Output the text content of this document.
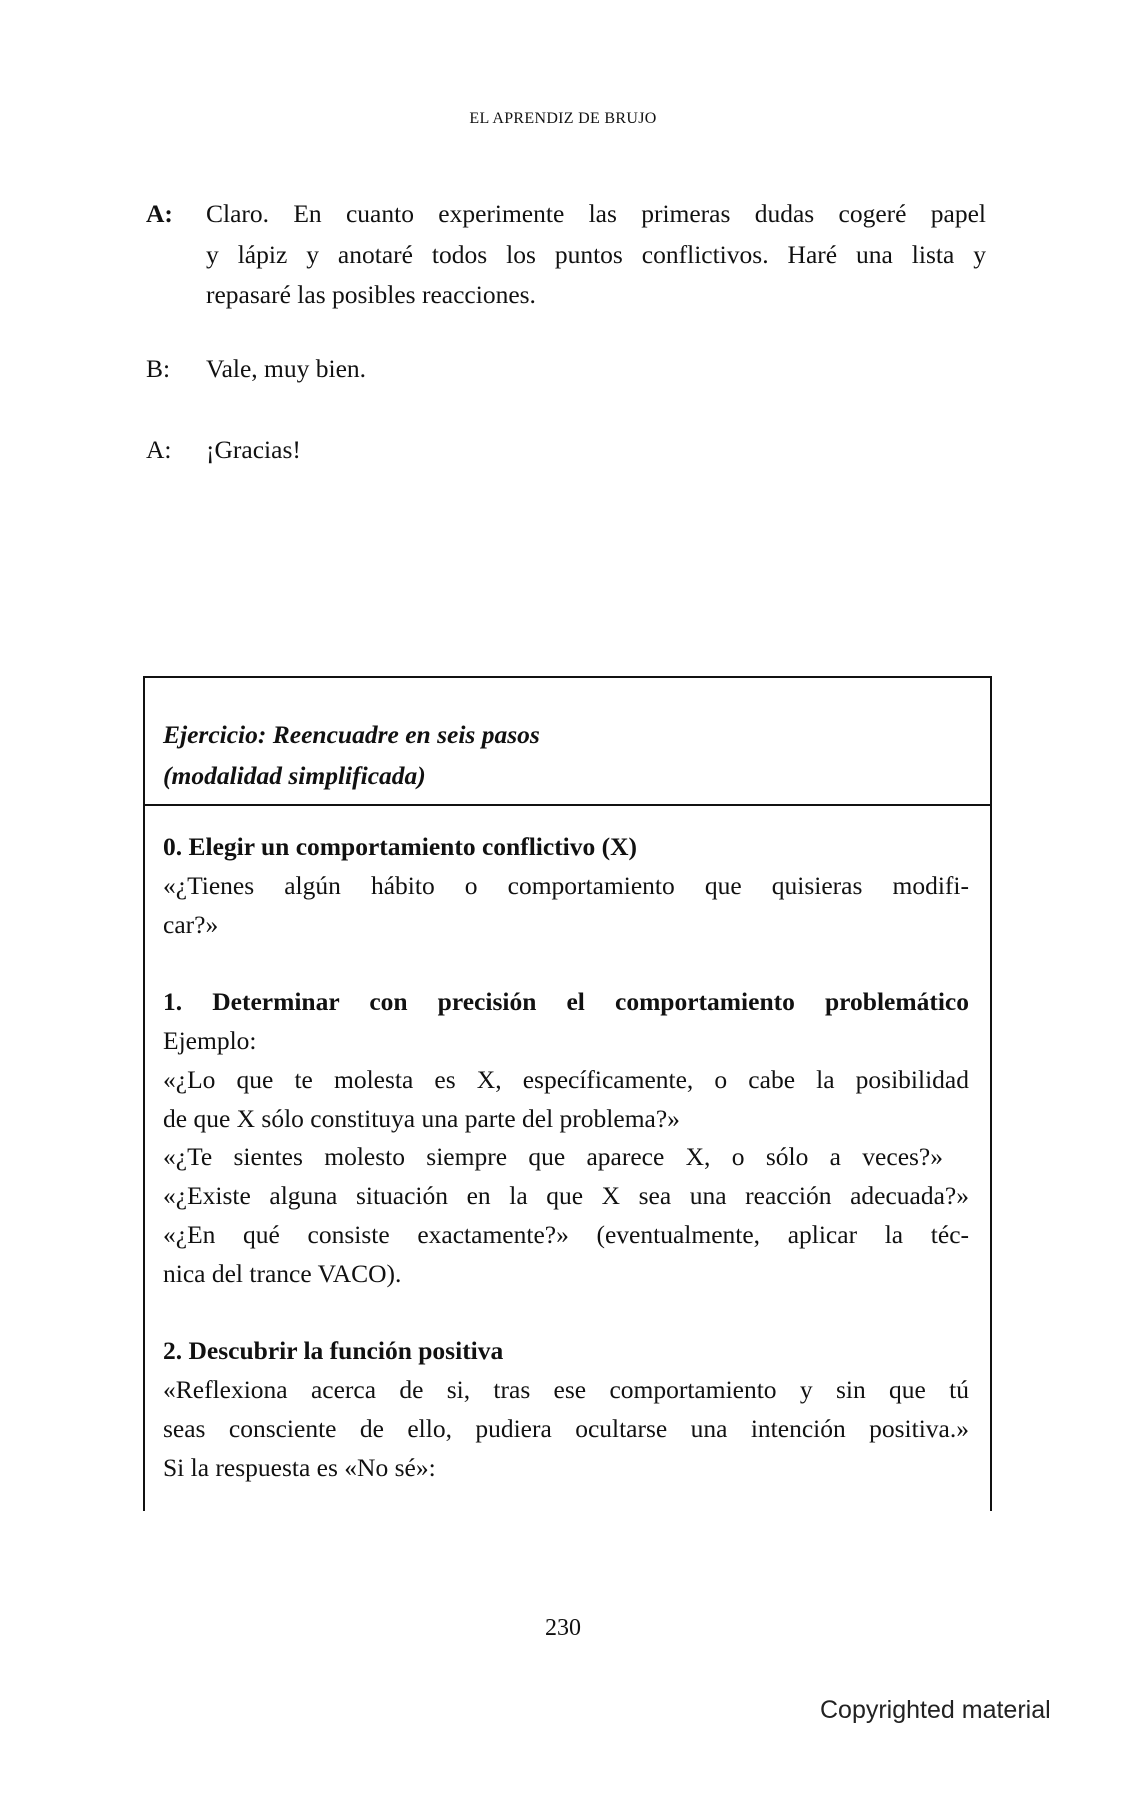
EL APRENDIZ DE BRUJO
A:	Claro. En cuanto experimente las primeras dudas cogeré papel
y lápiz y anotaré todos los puntos conflictivos. Haré una lista y
repasaré las posibles reacciones.
B:	Vale, muy bien.
A:	¡Gracias!
Ejercicio: Reencuadre en seis pasos
(modalidad simplificada)
0. Elegir un comportamiento conflictivo (X)
«¿Tienes algún hábito o comportamiento que quisieras modifi-
car?»
1. Determinar con precisión el comportamiento problemático
Ejemplo:
«¿Lo que te molesta es X, específicamente, o cabe la posibilidad
de que X sólo constituya una parte del problema?»
«¿Te sientes molesto siempre que aparece X, o sólo a veces?»
«¿Existe alguna situación en la que X sea una reacción adecuada?»
«¿En qué consiste exactamente?» (eventualmente, aplicar la téc-
nica del trance VACO).
2. Descubrir la función positiva
«Reflexiona acerca de si, tras ese comportamiento y sin que tú
seas consciente de ello, pudiera ocultarse una intención positiva.»
Si la respuesta es «No sé»:
230
Copyrighted material
